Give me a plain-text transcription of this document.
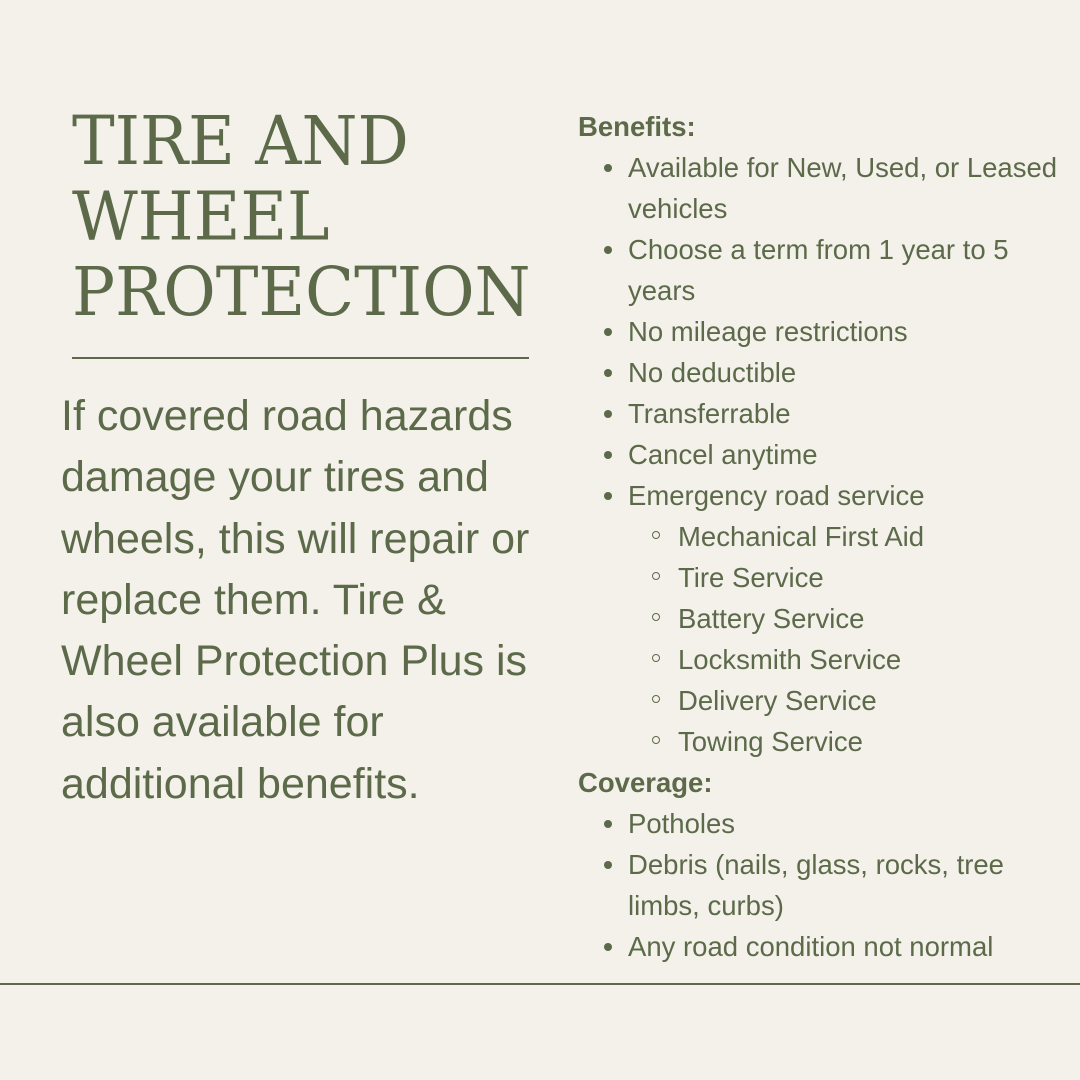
TIRE AND
WHEEL
PROTECTION

If covered road hazards damage your tires and wheels, this will repair or replace them. Tire & Wheel Protection Plus is also available for additional benefits.

Benefits:

Available for New, Used, or Leased vehicles
Choose a term from 1 year to 5 years
No mileage restrictions
No deductible
Transferrable
Cancel anytime
Emergency road service
Mechanical First Aid
Tire Service
Battery Service
Locksmith Service
Delivery Service
Towing Service

Coverage:

Potholes
Debris (nails, glass, rocks, tree limbs, curbs)
Any road condition not normal
